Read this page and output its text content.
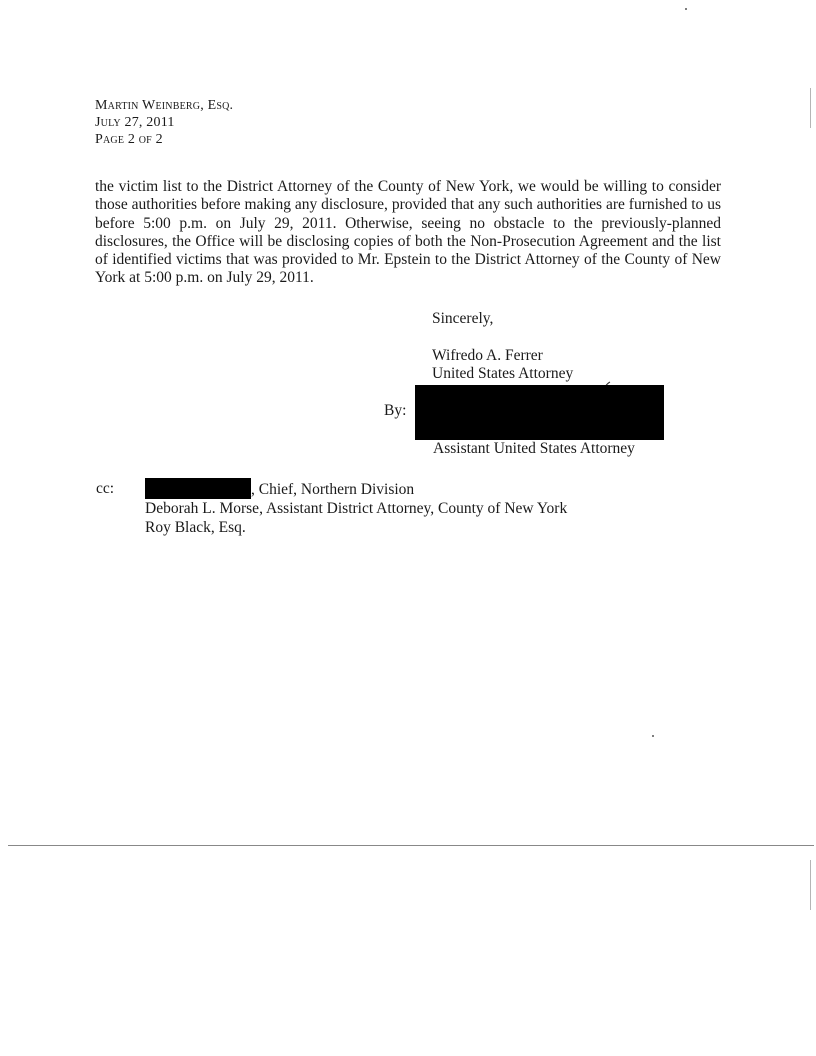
Martin Weinberg, Esq.
July 27, 2011
Page 2 of 2
the victim list to the District Attorney of the County of New York, we would be willing to consider those authorities before making any disclosure, provided that any such authorities are furnished to us before 5:00 p.m. on July 29, 2011. Otherwise, seeing no obstacle to the previously-planned disclosures, the Office will be disclosing copies of both the Non-Prosecution Agreement and the list of identified victims that was provided to Mr. Epstein to the District Attorney of the County of New York at 5:00 p.m. on July 29, 2011.
Sincerely,
Wifredo A. Ferrer
United States Attorney
By:
Assistant United States Attorney
cc:	, Chief, Northern Division
Deborah L. Morse, Assistant District Attorney, County of New York
Roy Black, Esq.
